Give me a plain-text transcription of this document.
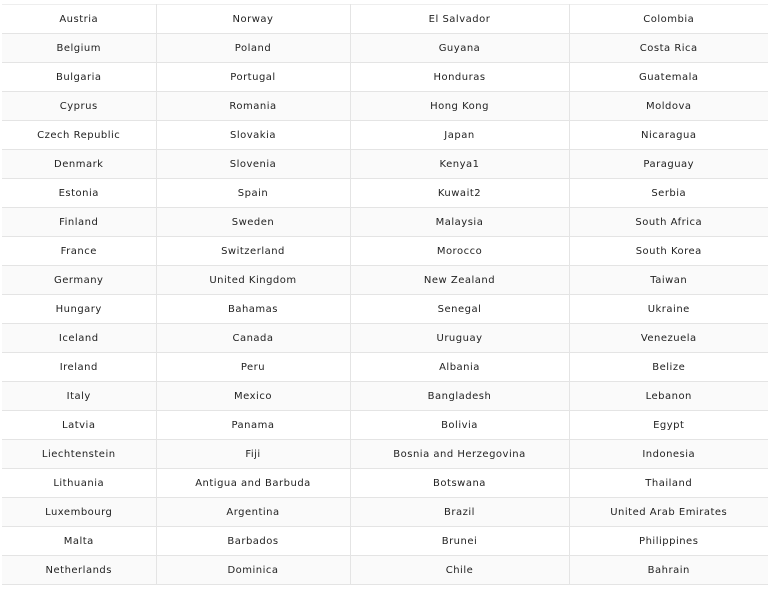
Austria	Norway	El Salvador	Colombia
Belgium	Poland	Guyana	Costa Rica
Bulgaria	Portugal	Honduras	Guatemala
Cyprus	Romania	Hong Kong	Moldova
Czech Republic	Slovakia	Japan	Nicaragua
Denmark	Slovenia	Kenya1	Paraguay
Estonia	Spain	Kuwait2	Serbia
Finland	Sweden	Malaysia	South Africa
France	Switzerland	Morocco	South Korea
Germany	United Kingdom	New Zealand	Taiwan
Hungary	Bahamas	Senegal	Ukraine
Iceland	Canada	Uruguay	Venezuela
Ireland	Peru	Albania	Belize
Italy	Mexico	Bangladesh	Lebanon
Latvia	Panama	Bolivia	Egypt
Liechtenstein	Fiji	Bosnia and Herzegovina	Indonesia
Lithuania	Antigua and Barbuda	Botswana	Thailand
Luxembourg	Argentina	Brazil	United Arab Emirates
Malta	Barbados	Brunei	Philippines
Netherlands	Dominica	Chile	Bahrain
